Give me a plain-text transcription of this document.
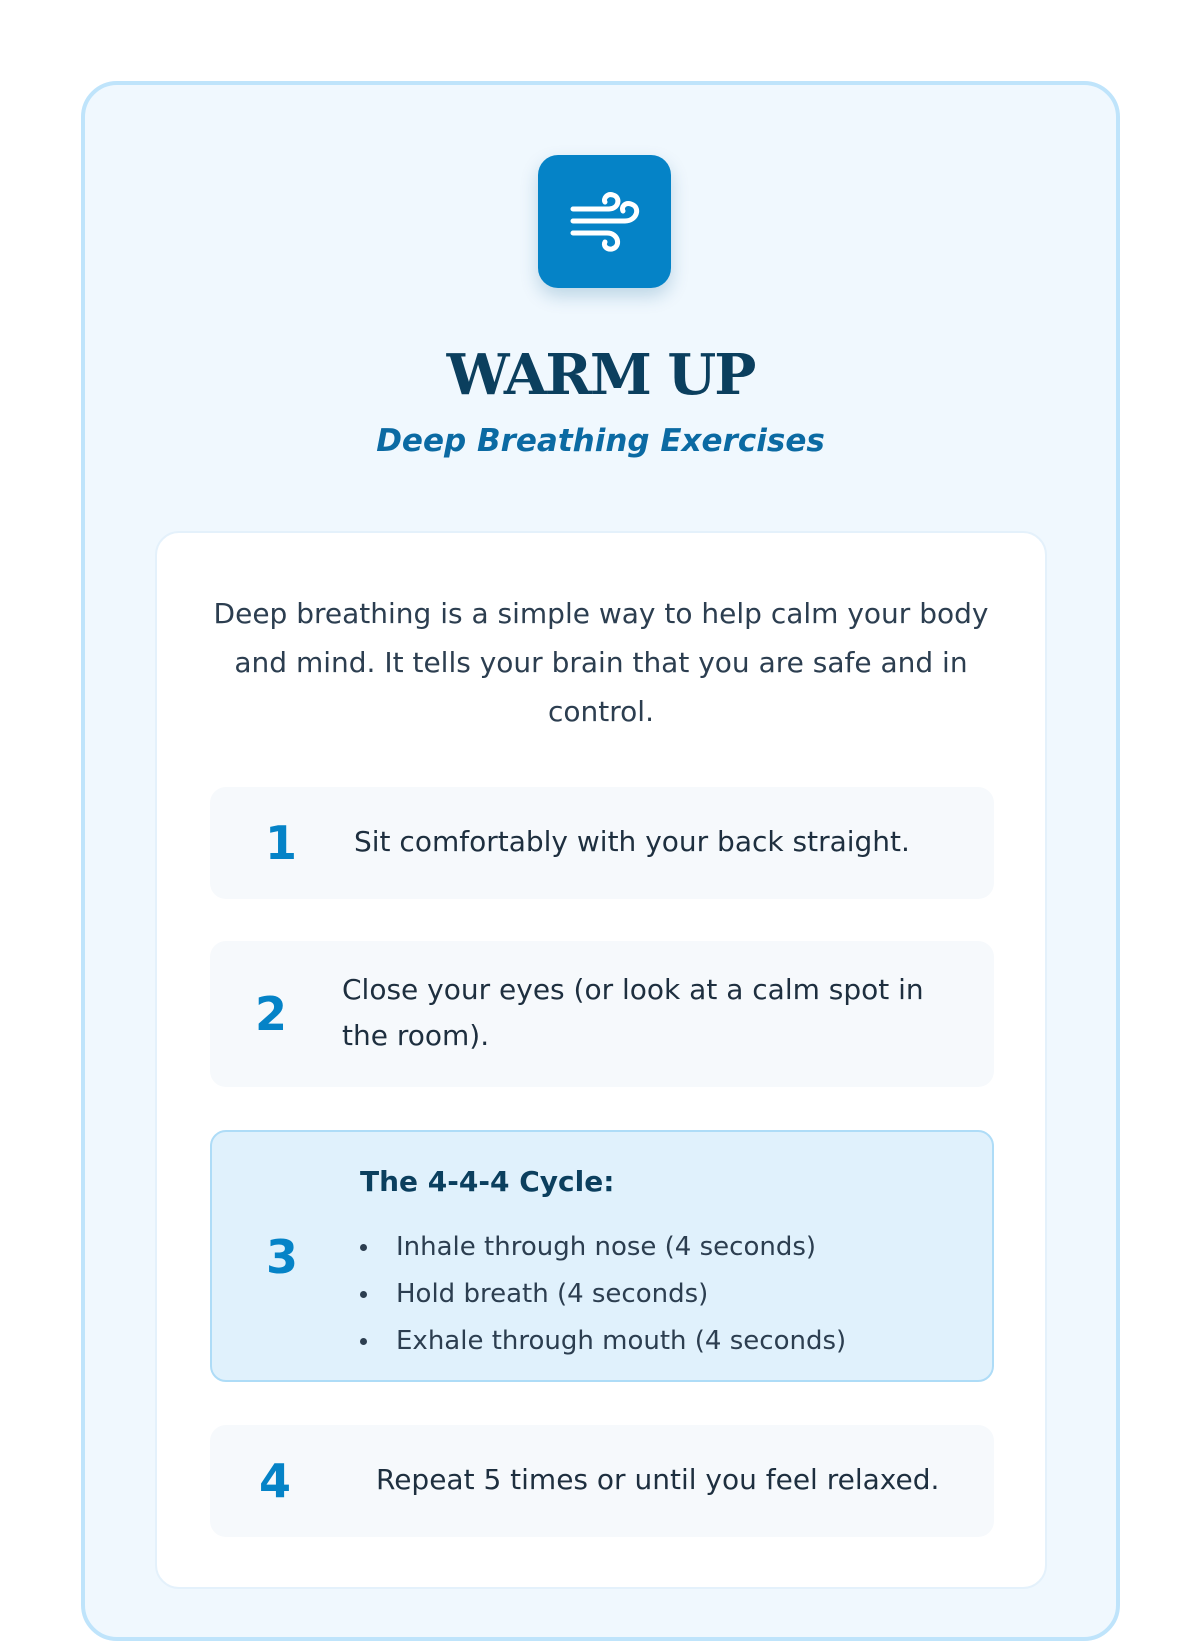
WARM UP
Deep Breathing Exercises

Deep breathing is a simple way to help calm your body and mind. It tells your brain that you are safe and in control.

1 Sit comfortably with your back straight.
2 Close your eyes (or look at a calm spot in the room).
3
The 4-4-4 Cycle:
Inhale through nose (4 seconds)
Hold breath (4 seconds)
Exhale through mouth (4 seconds)
4	Repeat 5 times or until you feel relaxed.
